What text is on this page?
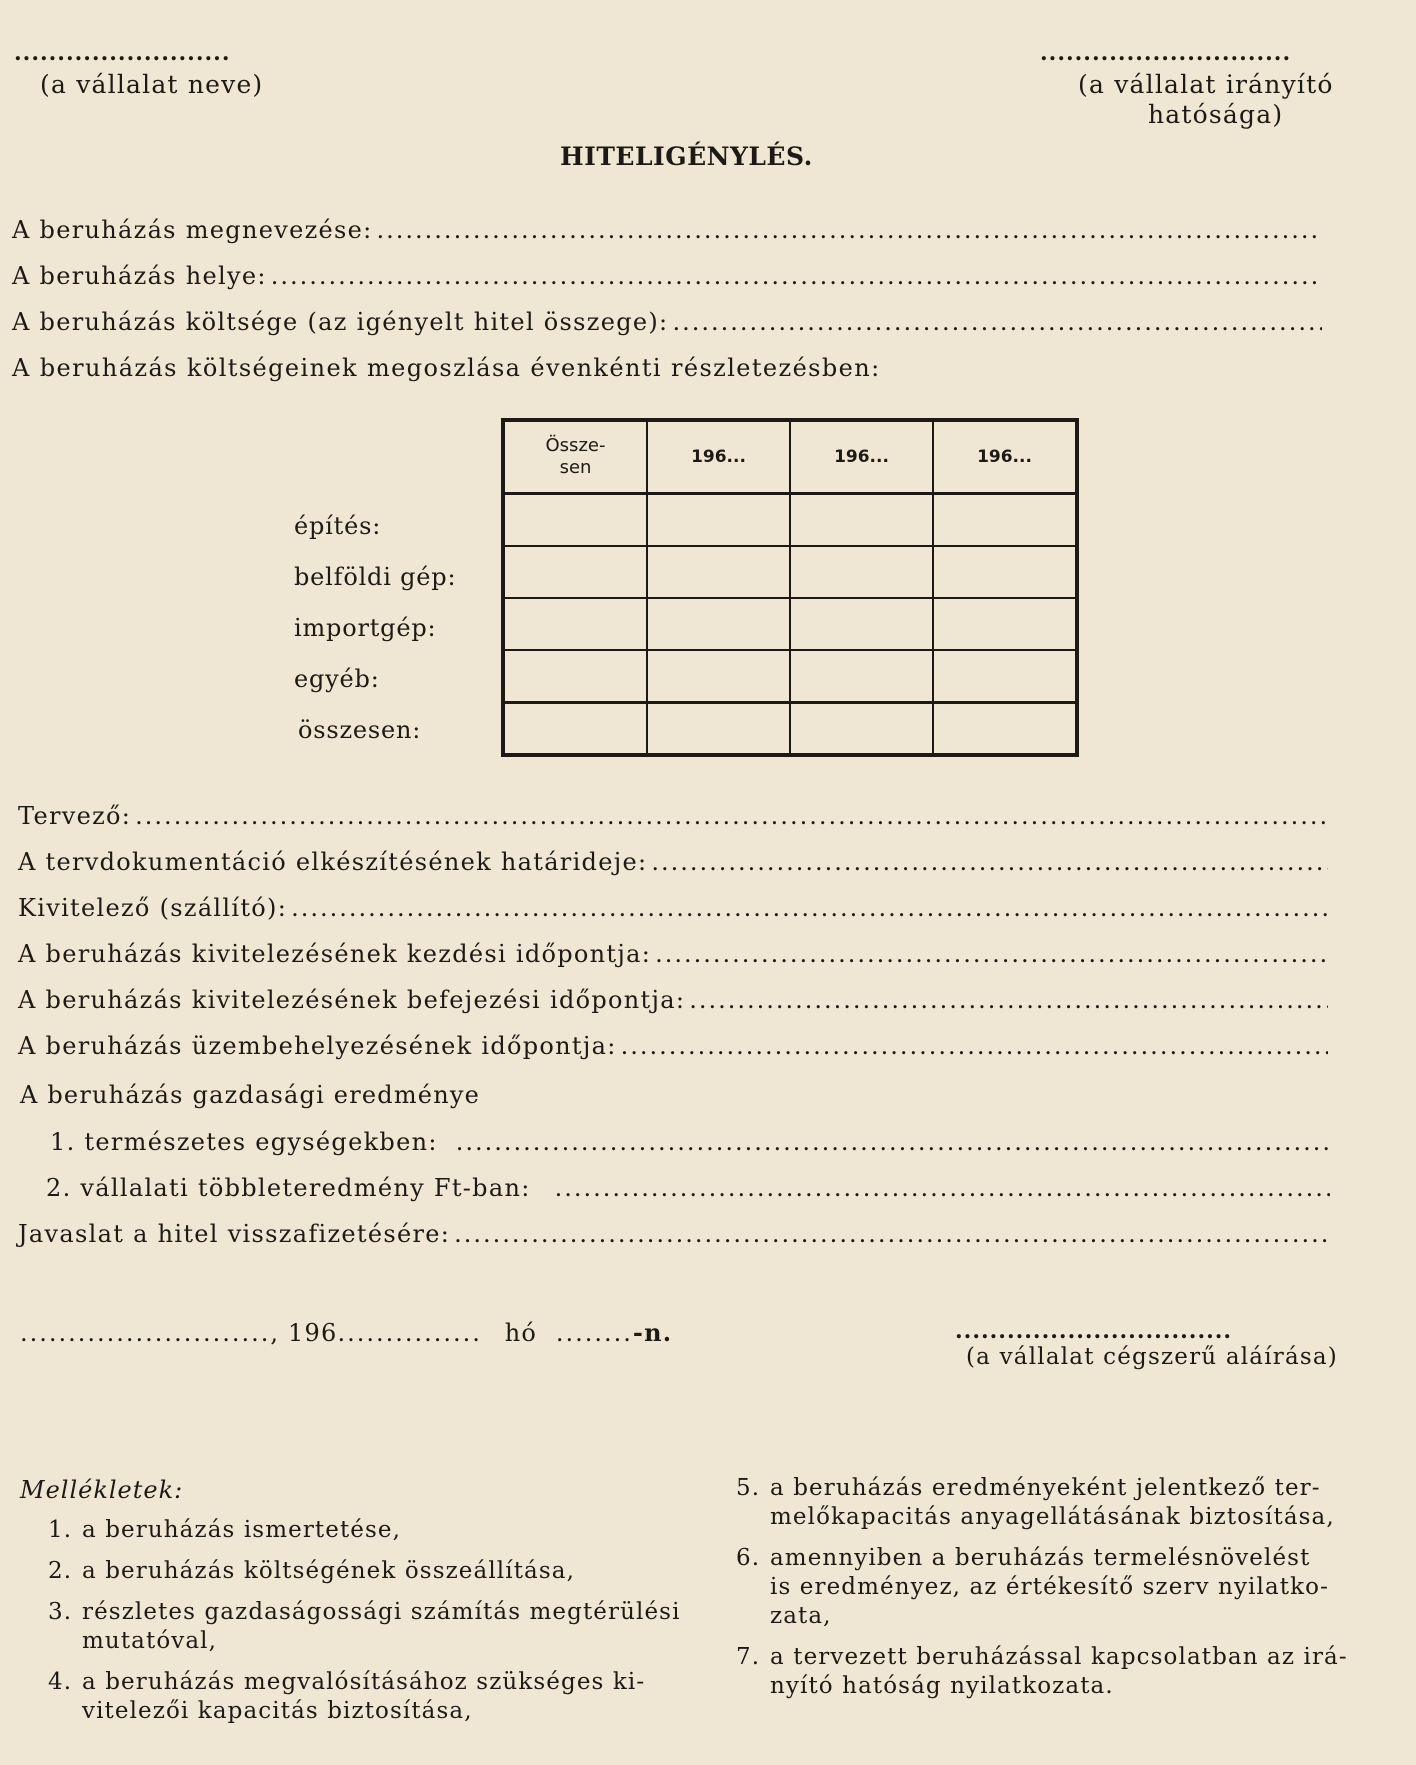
.........................
(a vállalat neve)
.............................
(a vállalat irányító
hatósága)
HITELIGÉNYLÉS.
A beruházás megnevezése:
.....
A beruházás helye:
.....
A beruházás költsége (az igényelt hitel összege):
.....
A beruházás költségeinek megoszlása évenkénti részletezésben:
Össze-
sen	196...	196...	196...

építés:
belföldi gép:
importgép:
egyéb:
összesen:
Tervező:
.....
A tervdokumentáció elkészítésének határideje:
.....
Kivitelező (szállító):
.....
A beruházás kivitelezésének kezdési időpontja:
.....
A beruházás kivitelezésének befejezési időpontja:
.....
A beruházás üzembehelyezésének időpontja:
.....
A beruházás gazdasági eredménye
1. természetes egységekben:
.....
2. vállalati többleteredmény Ft-ban:
.....
Javaslat a hitel visszafizetésére:
.....
.........................., 196............... hó ........-n.	................................
(a vállalat cégszerű aláírása)
Mellékletek:
1. a beruházás ismertetése,
2. a beruházás költségének összeállítása,
3. részletes gazdaságossági számítás megtérülési
mutatóval,
4. a beruházás megvalósításához szükséges ki-
vitelezői kapacitás biztosítása,
5. a beruházás eredményeként jelentkező ter-
melőkapacitás anyagellátásának biztosítása,
6. amennyiben a beruházás termelésnövelést
is eredményez, az értékesítő szerv nyilatko-
zata,
7. a tervezett beruházással kapcsolatban az irá-
nyító hatóság nyilatkozata.
